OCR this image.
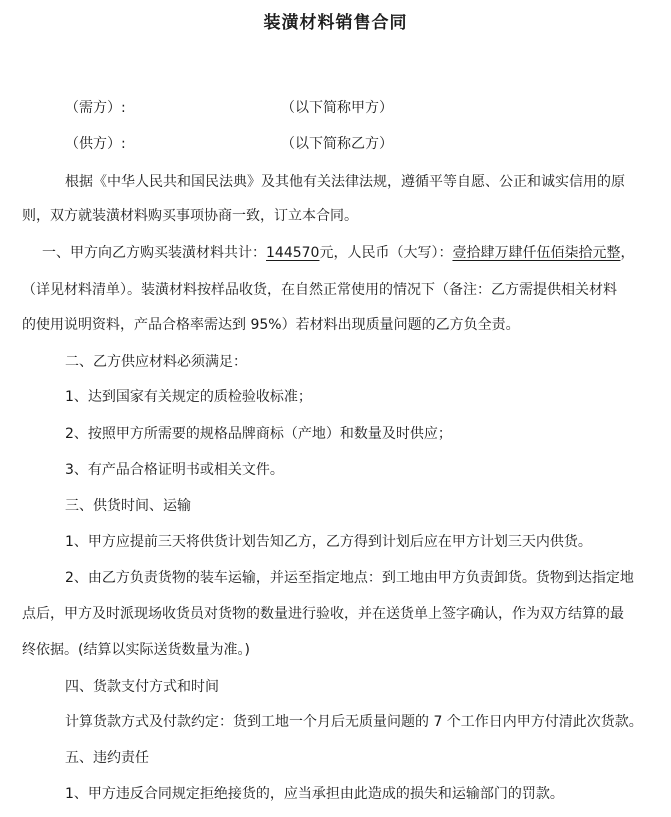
装潢材料销售合同
（需方）:	（以下简称甲方）
（供方）:	（以下简称乙方）
根据《中华人民共和国民法典》及其他有关法律法规，遵循平等自愿、公正和诚实信用的原
则，双方就装潢材料购买事项协商一致，订立本合同。
一、甲方向乙方购买装潢材料共计：144570元，人民币（大写）：壹拾肆万肆仟伍佰柒拾元整，
（详见材料清单）。装潢材料按样品收货，在自然正常使用的情况下（备注：乙方需提供相关材料
的使用说明资料，产品合格率需达到 95%）若材料出现质量问题的乙方负全责。
二、乙方供应材料必须满足：
1、达到国家有关规定的质检验收标准；
2、按照甲方所需要的规格品牌商标（产地）和数量及时供应；
3、有产品合格证明书或相关文件。
三、供货时间、运输
1、甲方应提前三天将供货计划告知乙方，乙方得到计划后应在甲方计划三天内供货。
2、由乙方负责货物的装车运输，并运至指定地点：到工地由甲方负责卸货。货物到达指定地
点后，甲方及时派现场收货员对货物的数量进行验收，并在送货单上签字确认，作为双方结算的最
终依据。(结算以实际送货数量为准。)
四、货款支付方式和时间
计算货款方式及付款约定：货到工地一个月后无质量问题的 7 个工作日内甲方付清此次货款。
五、违约责任
1、甲方违反合同规定拒绝接货的，应当承担由此造成的损失和运输部门的罚款。
